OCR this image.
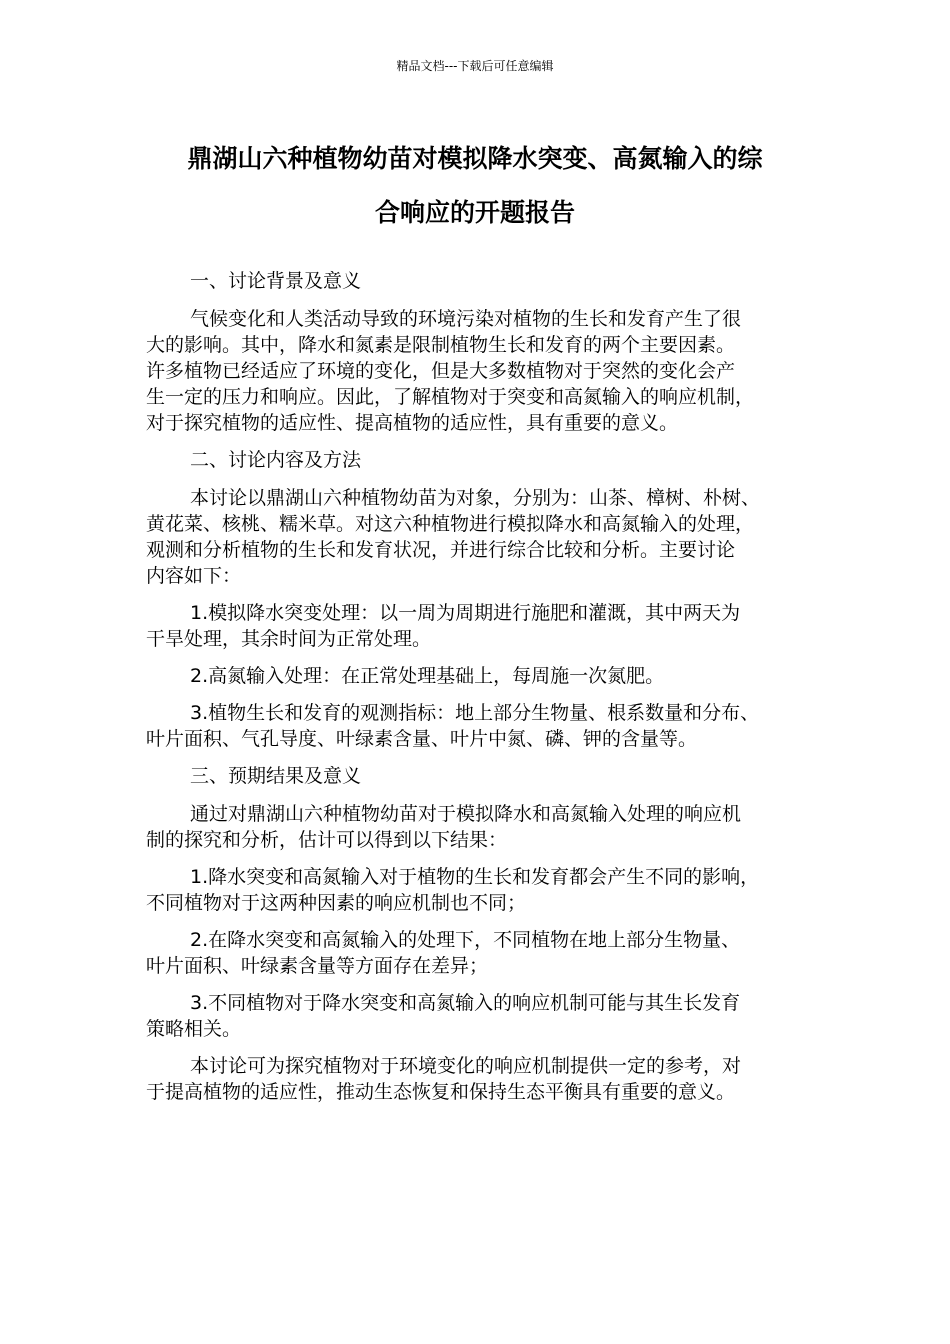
精品文档---下载后可任意编辑
鼎湖山六种植物幼苗对模拟降水突变、高氮输入的综
合响应的开题报告

一、讨论背景及意义

气候变化和人类活动导致的环境污染对植物的生长和发育产生了很
大的影响。其中，降水和氮素是限制植物生长和发育的两个主要因素。
许多植物已经适应了环境的变化，但是大多数植物对于突然的变化会产
生一定的压力和响应。因此，了解植物对于突变和高氮输入的响应机制，
对于探究植物的适应性、提高植物的适应性，具有重要的意义。

二、讨论内容及方法

本讨论以鼎湖山六种植物幼苗为对象，分别为：山茶、樟树、朴树、
黄花菜、核桃、糯米草。对这六种植物进行模拟降水和高氮输入的处理，
观测和分析植物的生长和发育状况，并进行综合比较和分析。主要讨论
内容如下：

1.模拟降水突变处理：以一周为周期进行施肥和灌溉，其中两天为
干旱处理，其余时间为正常处理。

2.高氮输入处理：在正常处理基础上，每周施一次氮肥。

3.植物生长和发育的观测指标：地上部分生物量、根系数量和分布、
叶片面积、气孔导度、叶绿素含量、叶片中氮、磷、钾的含量等。

三、预期结果及意义

通过对鼎湖山六种植物幼苗对于模拟降水和高氮输入处理的响应机
制的探究和分析，估计可以得到以下结果：

1.降水突变和高氮输入对于植物的生长和发育都会产生不同的影响，
不同植物对于这两种因素的响应机制也不同；

2.在降水突变和高氮输入的处理下，不同植物在地上部分生物量、
叶片面积、叶绿素含量等方面存在差异；

3.不同植物对于降水突变和高氮输入的响应机制可能与其生长发育
策略相关。

本讨论可为探究植物对于环境变化的响应机制提供一定的参考，对
于提高植物的适应性，推动生态恢复和保持生态平衡具有重要的意义。
